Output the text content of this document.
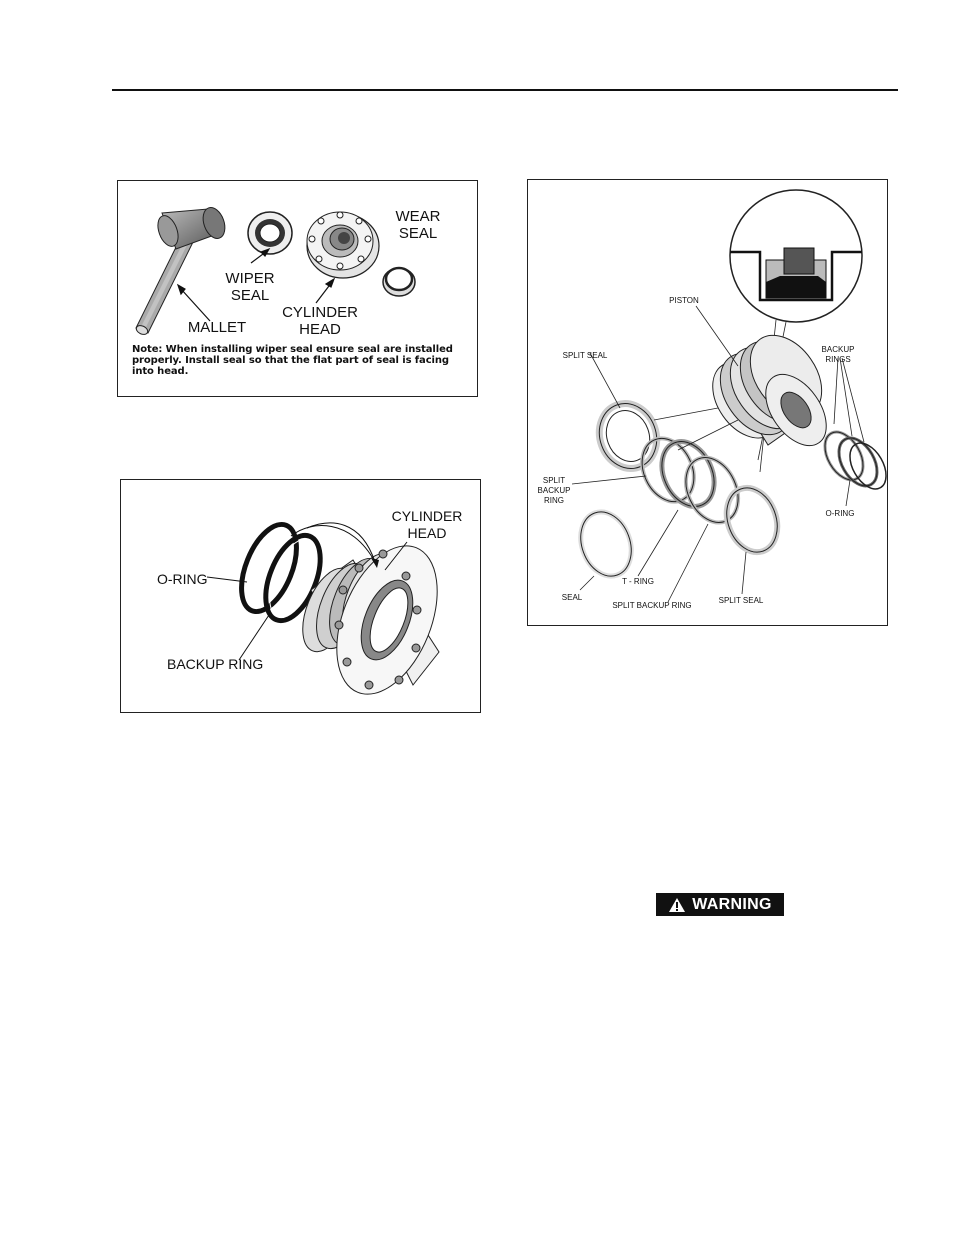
WEAR
SEAL
WIPER
SEAL
CYLINDER
HEAD
MALLET
Note: When installing wiper seal ensure seal are installed properly. Install seal so that the flat part of seal is facing into head.
CYLINDER
HEAD
O-RING
BACKUP RING
PISTON
SPLIT SEAL
BACKUP
RINGS
SPLIT
BACKUP
RING
O-RING
SEAL
T - RING
SPLIT BACKUP RING
SPLIT SEAL
WARNING
